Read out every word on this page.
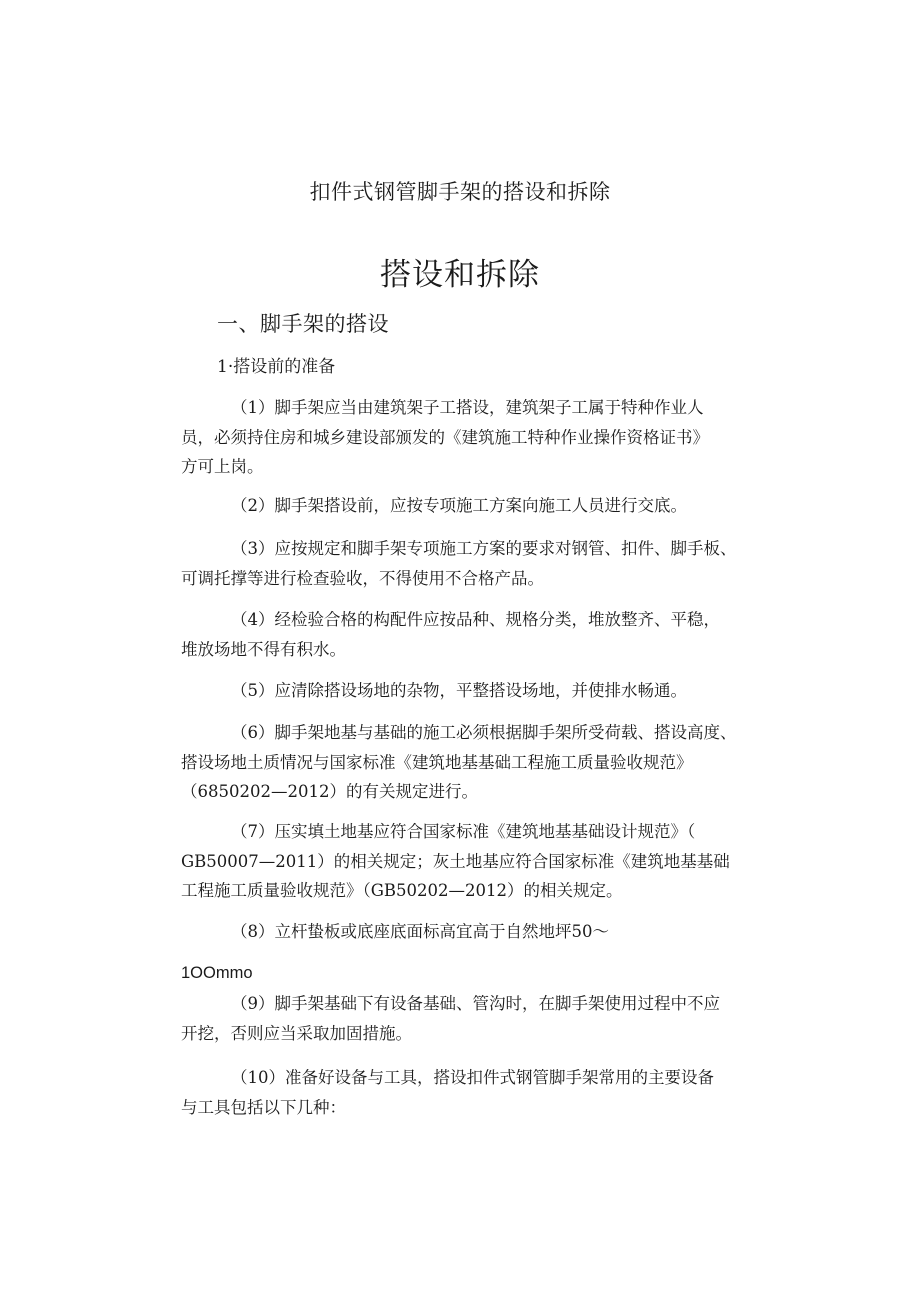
扣件式钢管脚手架的搭设和拆除
搭设和拆除
一、脚手架的搭设
1·搭设前的准备
（1）脚手架应当由建筑架子工搭设，建筑架子工属于特种作业人
员，必须持住房和城乡建设部颁发的《建筑施工特种作业操作资格证书》
方可上岗。
（2）脚手架搭设前，应按专项施工方案向施工人员进行交底。
（3）应按规定和脚手架专项施工方案的要求对钢管、扣件、脚手板、
可调托撑等进行检查验收，不得使用不合格产品。
（4）经检验合格的构配件应按品种、规格分类，堆放整齐、平稳，
堆放场地不得有积水。
（5）应清除搭设场地的杂物，平整搭设场地，并使排水畅通。
（6）脚手架地基与基础的施工必须根据脚手架所受荷载、搭设高度、
搭设场地土质情况与国家标准《建筑地基基础工程施工质量验收规范》
（6850202—2012）的有关规定进行。
（7）压实填土地基应符合国家标准《建筑地基基础设计规范》（
GB50007—2011）的相关规定；灰土地基应符合国家标准《建筑地基基础
工程施工质量验收规范》（GB50202—2012）的相关规定。
（8）立杆蛰板或底座底面标高宜高于自然地坪50～
1OOmmo
（9）脚手架基础下有设备基础、管沟时，在脚手架使用过程中不应
开挖，否则应当采取加固措施。
（10）准备好设备与工具，搭设扣件式钢管脚手架常用的主要设备
与工具包括以下几种：
